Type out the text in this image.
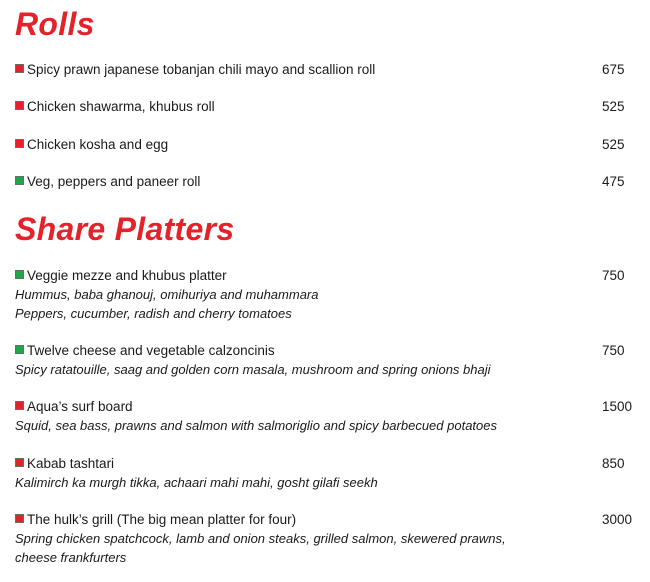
Rolls
Spicy prawn japanese tobanjan chili mayo and scallion roll	675
Chicken shawarma, khubus roll	525
Chicken kosha and egg	525
Veg, peppers and paneer roll	475
Share Platters
Veggie mezze and khubus platter	750
Hummus, baba ghanouj, omihuriya and muhammara
Peppers, cucumber, radish and cherry tomatoes
Twelve cheese and vegetable calzoncinis	750
Spicy ratatouille, saag and golden corn masala, mushroom and spring onions bhaji
Aqua’s surf board	1500
Squid, sea bass, prawns and salmon with salmoriglio and spicy barbecued potatoes
Kabab tashtari	850
Kalimirch ka murgh tikka, achaari mahi mahi, gosht gilafi seekh
The hulk’s grill (The big mean platter for four)	3000
Spring chicken spatchcock, lamb and onion steaks, grilled salmon, skewered prawns,
cheese frankfurters
